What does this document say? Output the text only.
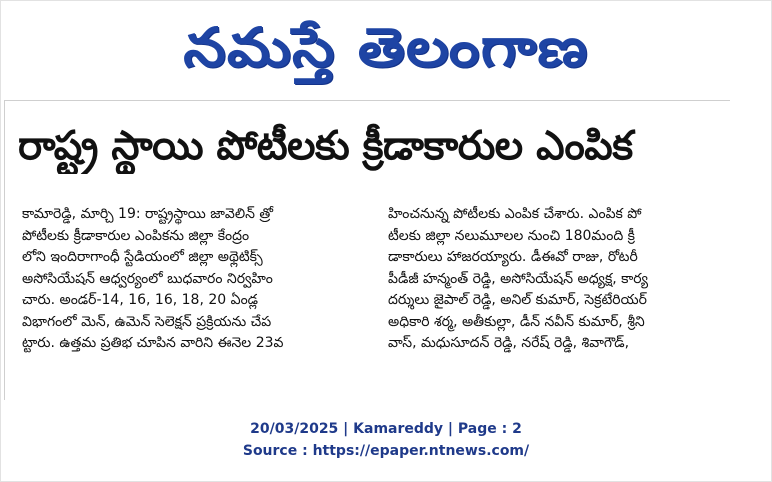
నమస్తే తెలంగాణ
రాష్ట్ర స్థాయి పోటీలకు క్రీడాకారుల ఎంపిక
కామారెడ్డి, మార్చి 19: రాష్ట్రస్థాయి జావెలిన్ త్రో
పోటీలకు క్రీడాకారుల ఎంపికను జిల్లా కేంద్రం
లోని ఇందిరాగాంధీ స్టేడియంలో జిల్లా అథ్లెటిక్స్
అసోసియేషన్ ఆధ్వర్యంలో బుధవారం నిర్వహిం
చారు. అండర్-14, 16, 16, 18, 20 ఏండ్ల
విభాగంలో మెన్, ఉమెన్ సెలెక్షన్ ప్రక్రియను చేప
ట్టారు. ఉత్తమ ప్రతిభ చూపిన వారిని ఈనెల 23వ
హించనున్న పోటీలకు ఎంపిక చేశారు. ఎంపిక పో
టీలకు జిల్లా నలుమూలల నుంచి 180మంది క్రీ
డాకారులు హాజరయ్యారు. డీఈవో రాజు, రోటరీ
పీడీజీ హన్మంత్ రెడ్డి, అసోసియేషన్ అధ్యక్ష, కార్య
దర్శులు జైపాల్ రెడ్డి, అనిల్ కుమార్, సెక్రటేరియర్
అధికారి శర్మ, అతీకుల్లా, డీన్ నవీన్ కుమార్, శ్రీని
వాస్, మధుసూదన్ రెడ్డి, నరేష్ రెడ్డి, శివాగౌడ్,
20/03/2025 | Kamareddy | Page : 2
Source : https://epaper.ntnews.com/
